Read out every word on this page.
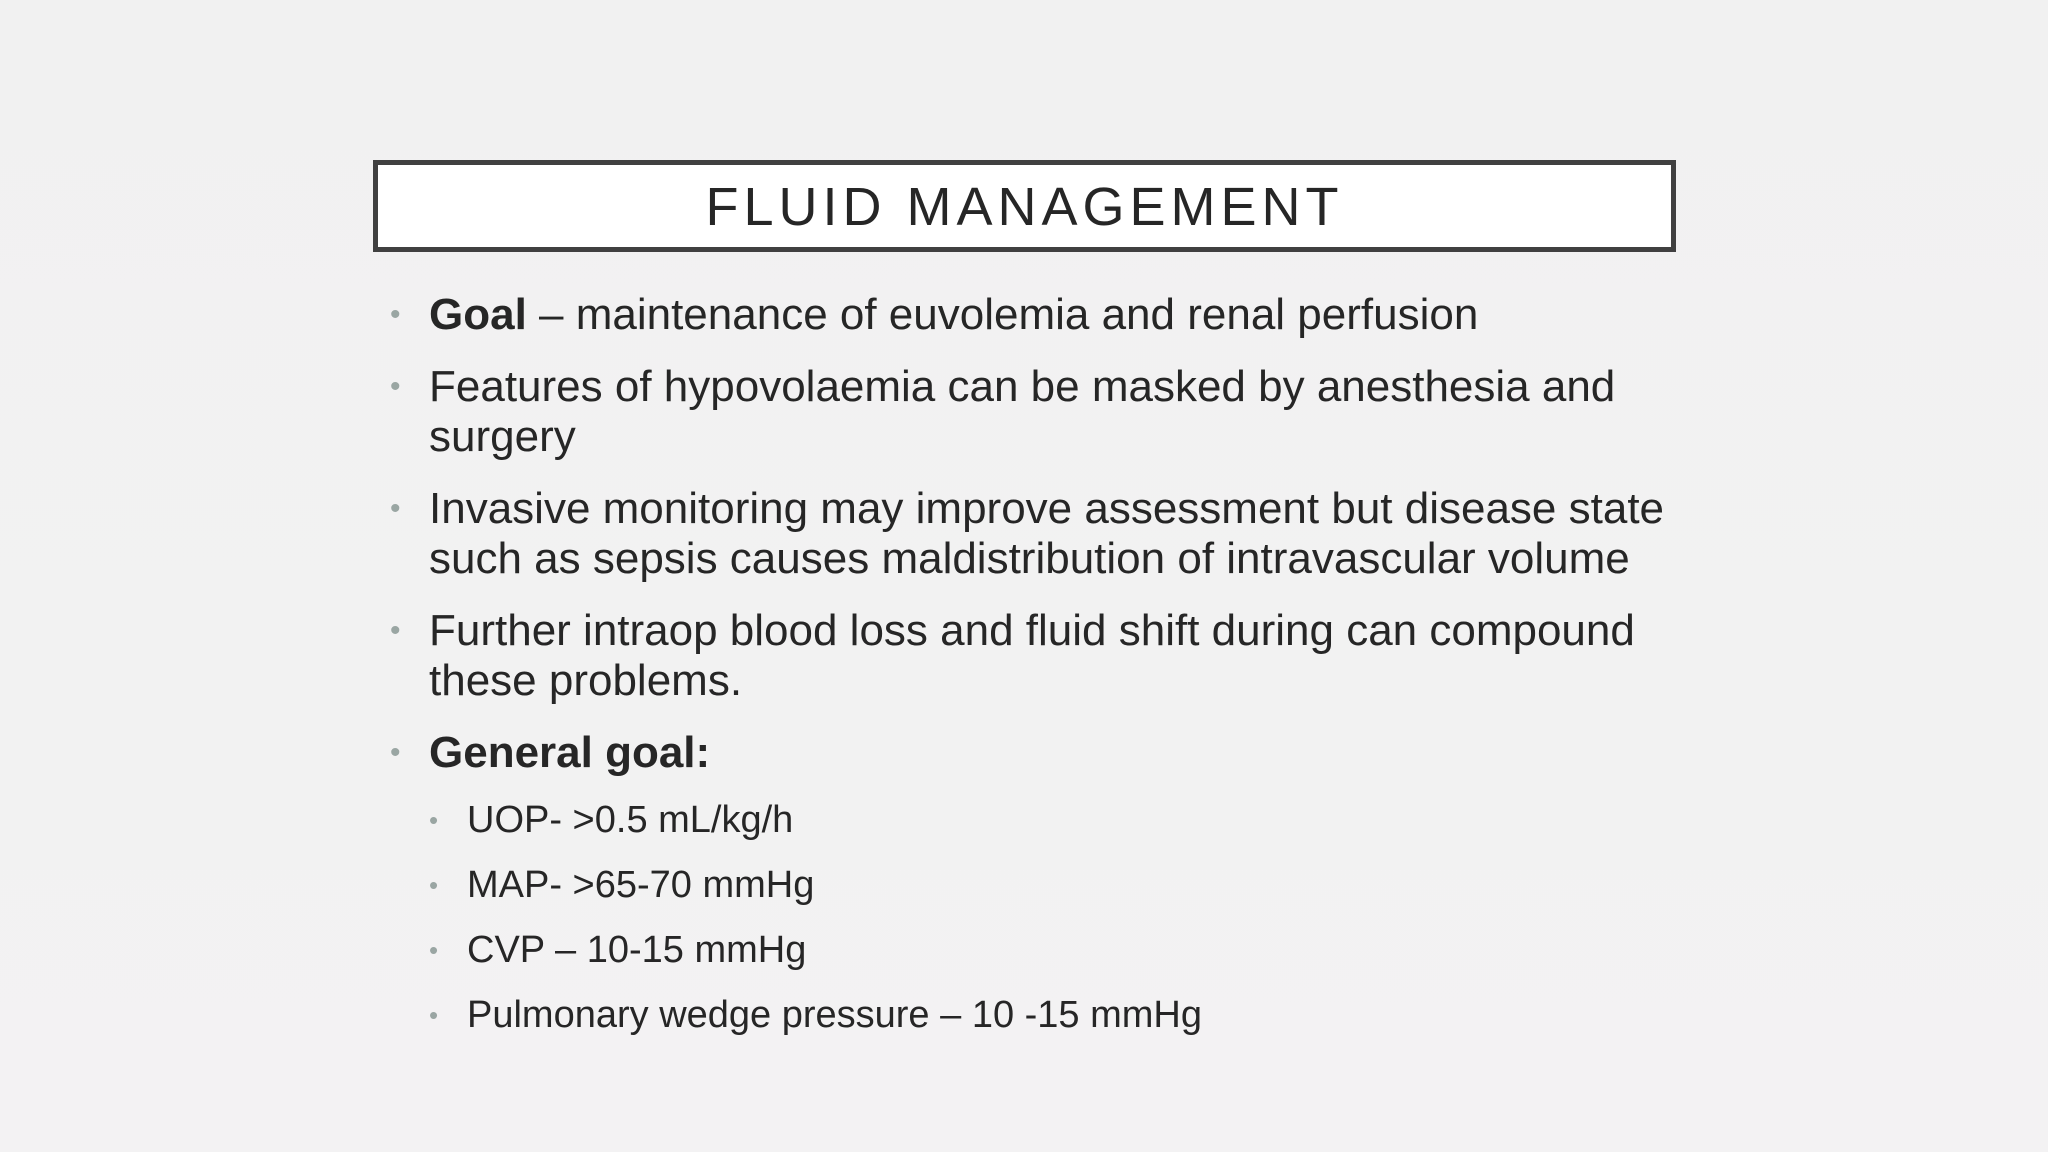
FLUID MANAGEMENT
• Goal – maintenance of euvolemia and renal perfusion
• Features of hypovolaemia can be masked by anesthesia and surgery
• Invasive monitoring may improve assessment but disease state such as sepsis causes maldistribution of intravascular volume
• Further intraop blood loss and fluid shift during can compound these problems.
• General goal:
• UOP- >0.5 mL/kg/h
• MAP- >65-70 mmHg
• CVP – 10-15 mmHg
• Pulmonary wedge pressure – 10 -15 mmHg
